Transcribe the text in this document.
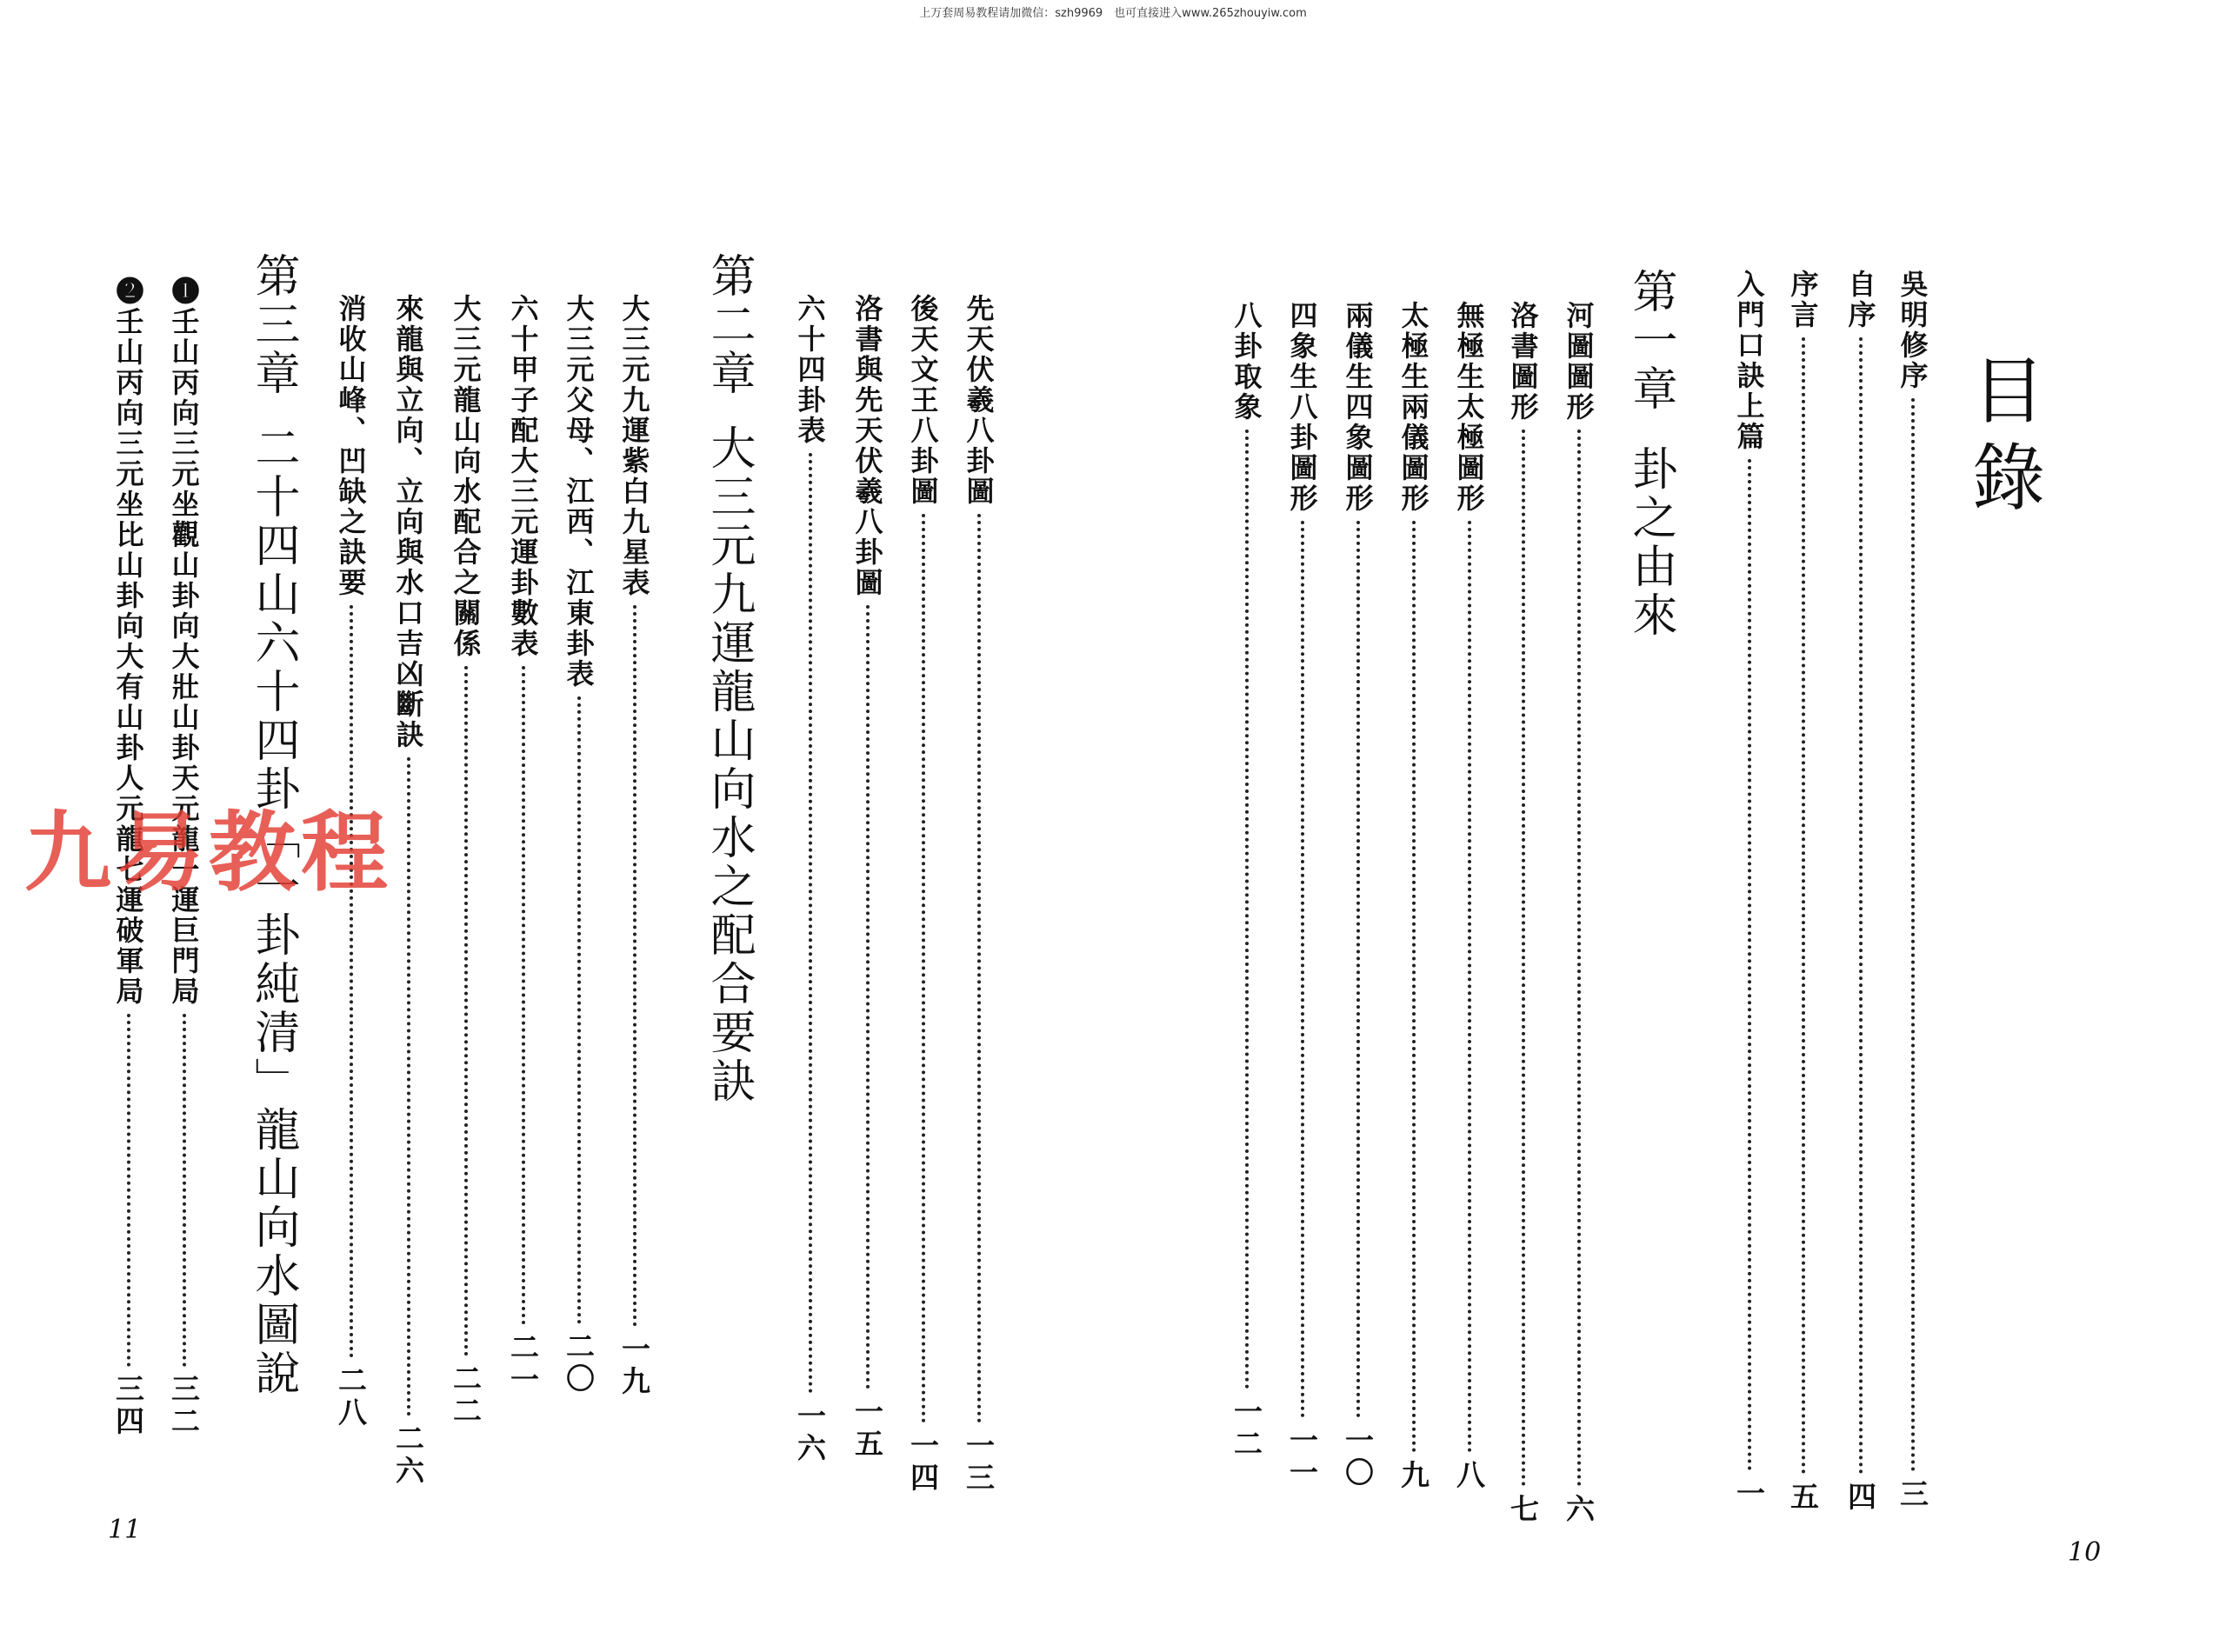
上万套周易教程请加微信：szh9969　也可直接进入www.265zhouyiw.com
目
錄
吳明修序
三
自序
四
序言
五
入門口訣上篇
一
第一章
卦之由來
河圖圖形
六
洛書圖形
七
無極生太極圖形
八
太極生兩儀圖形
九
兩儀生四象圖形
一〇
四象生八卦圖形
一一
八卦取象
一二
10
先天伏羲八卦圖
一三
後天文王八卦圖
一四
洛書與先天伏羲八卦圖
一五
六十四卦表
一六
第二章
大三元九運龍山向水之配合要訣
大三元九運紫白九星表
一九
大三元父母、江西、江東卦表
二〇
六十甲子配大三元運卦數表
二一
大三元龍山向水配合之關係
二二
來龍與立向、立向與水口吉凶斷訣
二六
消收山峰、凹缺之訣要
二八
第三章
二十四山六十四卦「一卦純清」龍山向水圖說
❶壬山丙向三元坐觀山卦向大壯山卦天元龍一運巨門局
三二
❷壬山丙向三元坐比山卦向大有山卦人元龍七運破軍局
三四
11
九易教程
